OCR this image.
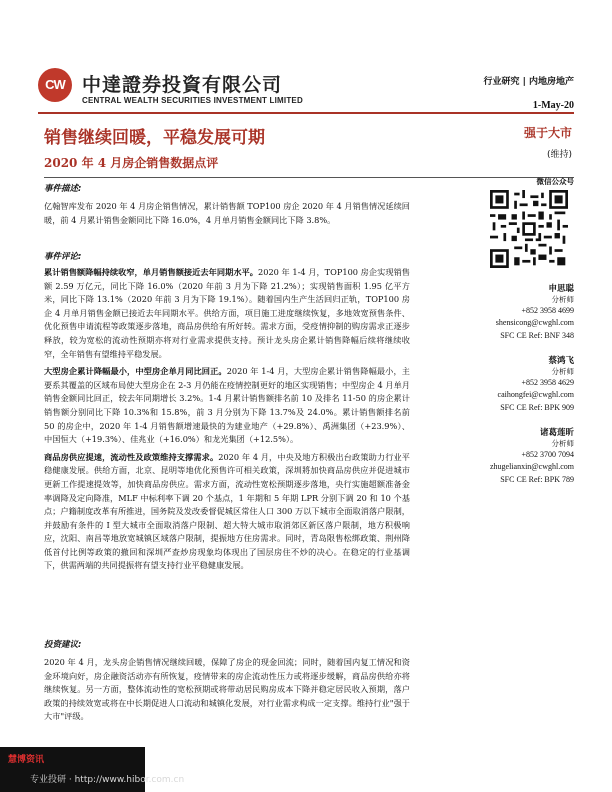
CW 中達證券投資有限公司
CENTRAL WEALTH SECURITIES INVESTMENT LIMITED
行业研究 | 内地房地产
1-May-20
销售继续回暖，平稳发展可期
2020 年 4 月房企销售数据点评
强于大市
(维持)
事件描述:

亿翰智库发布 2020 年 4 月房企销售情况，累计销售额 TOP100 房企 2020 年 4 月销售情况延续回暖，前 4 月累计销售金额同比下降 16.0%，4 月单月销售金额同比下降 3.8%。

事件评论:

累计销售额降幅持续收窄，单月销售额接近去年同期水平。2020 年 1-4 月，TOP100 房企实现销售额 2.59 万亿元，同比下降 16.0%（2020 年前 3 月为下降 21.2%）；实现销售面积 1.95 亿平方米，同比下降 13.1%（2020 年前 3 月为下降 19.1%）。随着国内生产生活回归正轨，TOP100 房企 4 月单月销售金额已接近去年同期水平。供给方面，项目施工进度继续恢复，多地效宽预售条件、优化预售申请流程等政策逐步落地，商品房供给有所好转。需求方面，受疫情抑制的购房需求正逐步释放，较为宽松的流动性预期亦将对行业需求提供支持。预计龙头房企累计销售降幅后续将继续收窄，全年销售有望维持平稳发展。

大型房企累计降幅最小，中型房企单月同比回正。2020 年 1-4 月，大型房企累计销售降幅最小，主要系其覆盖的区域布局使大型房企在 2-3 月仍能在疫情控制更好的地区实现销售；中型房企 4 月单月销售金额同比回正，较去年同期增长 3.2%。1-4 月累计销售额排名前 10 及排名 11-50 的房企累计销售额分别同比下降 10.3%和 15.8%，前 3 月分别为下降 13.7%及 24.0%。累计销售额排名前 50 的房企中，2020 年 1-4 月销售额增速最快的为建业地产（+29.8%）、禹洲集团（+23.9%）、中国恒大（+19.3%）、佳兆业（+16.0%）和龙光集团（+12.5%）。

商品房供应提速，流动性及政策维持支撑需求。2020 年 4 月，中央及地方积极出台政策助力行业平稳健康发展。供给方面，北京、昆明等地优化预售许可相关政策，深圳將加快商品房供应并促进城市更新工作提速提效等，加快商品房供应。需求方面，流动性宽松预期逐步落地，央行实施超额准备金率调降及定向降准，MLF 中标利率下调 20 个基点，1 年期和 5 年期 LPR 分别下调 20 和 10 个基点；户籍制度改革有所推进，国务院及发改委督促城区常住人口 300 万以下城市全面取消落户限制，并鼓励有条件的 I 型大城市全面取消落户限制、超大特大城市取消郊区新区落户限制，地方积极响应，沈阳、南昌等地放宽城镇区域落户限制，提振地方住房需求。同时，青岛限售松绑政策、荆州降低首付比例等政策的撤回和深圳严查炒房现象均体现出了国层房住不炒的决心。在稳定的行业基调下，供需两端的共同提振将有望支持行业平稳健康发展。

投资建议:

2020 年 4 月，龙头房企销售情况继续回暖，保障了房企的现金回流；同时，随着国内复工情况和资金环境向好，房企融资活动亦有所恢复，疫情带来的房企流动性压力或将逐步缓解，商品房供给亦将继续恢复。另一方面，整体流动性的宽松预期或将带动居民购房成本下降并稳定居民收入预期，落户政策的持续效宽或将在中长期促进人口流动和城镇化发展，对行业需求构成一定支撑。维持行业"强于大市"评级。

微信公众号
申思聪
分析师
+852 3958 4699
shensicong@cwghl.com
SFC CE Ref: BNF 348
蔡鸿飞
分析师
+852 3958 4629
caihongfei@cwghl.com
SFC CE Ref: BPK 909
诸葛莲昕
分析师
+852 3700 7094
zhugelianxin@cwghl.com
SFC CE Ref: BPK 789
慧博资讯
专业投研 · http://www.hibor.com.cn
